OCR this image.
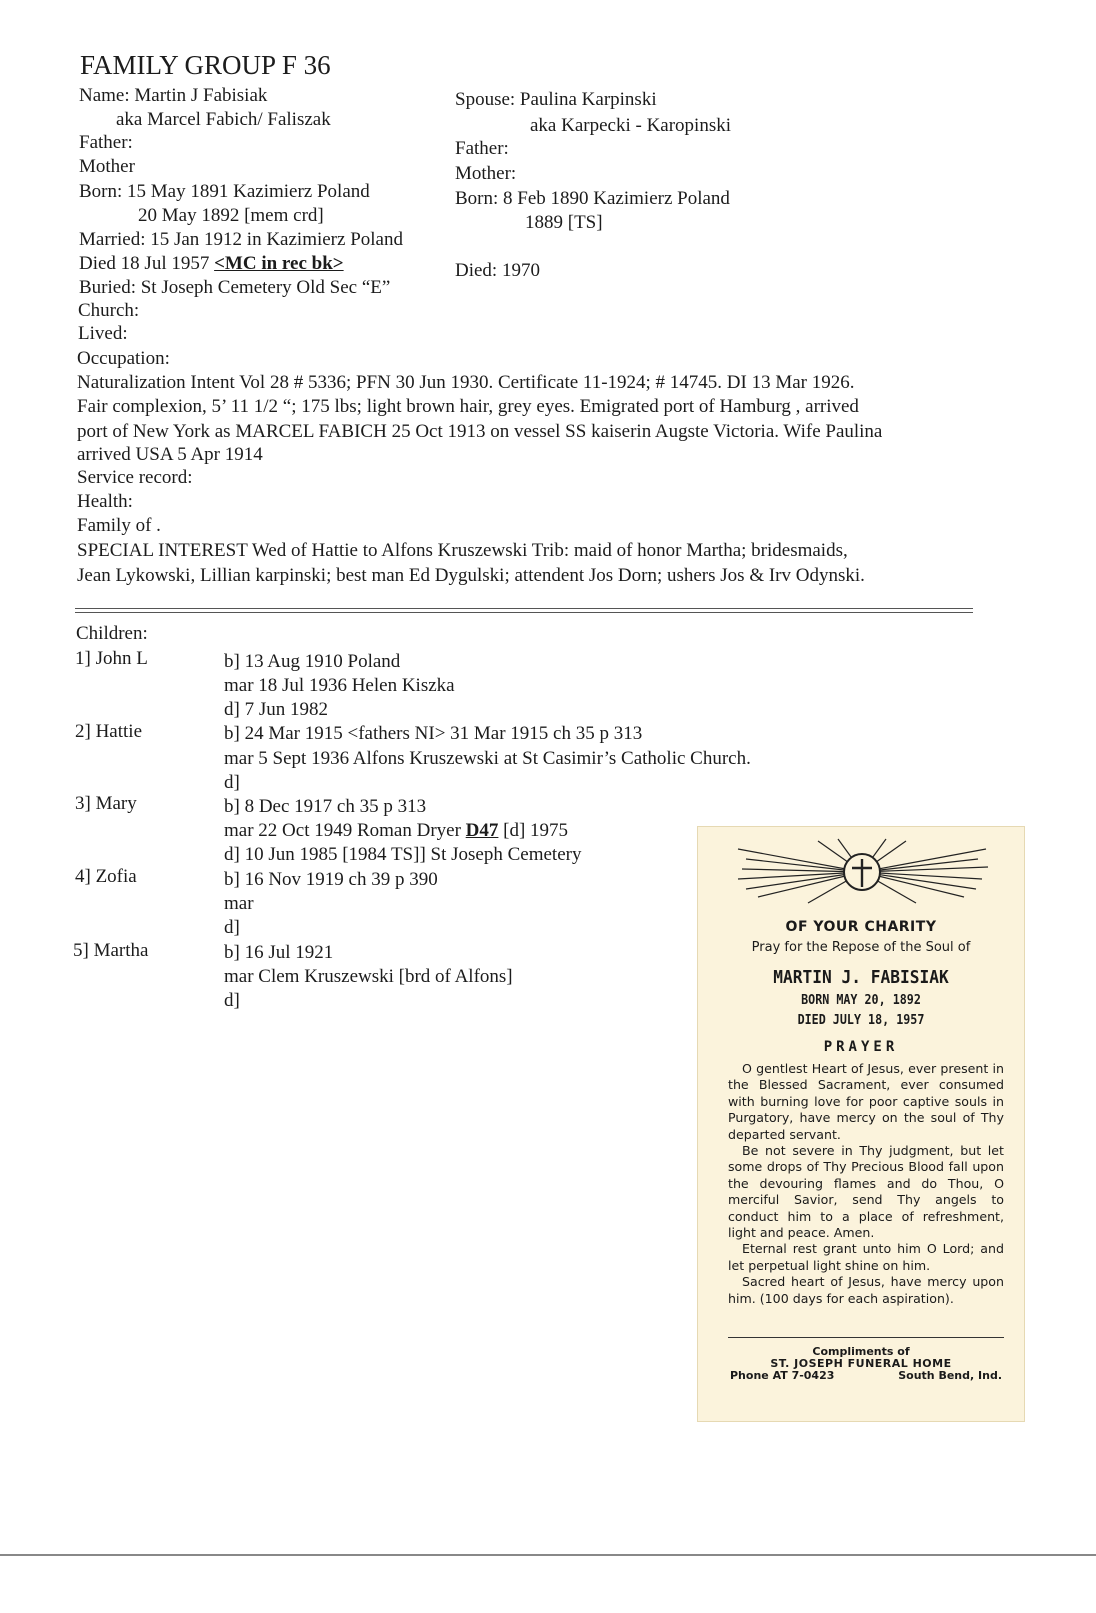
FAMILY GROUP F 36
Name: Martin J Fabisiak
aka Marcel Fabich/ Faliszak
Father:
Mother
Born: 15 May 1891 Kazimierz Poland
20 May 1892 [mem crd]
Married: 15 Jan 1912 in Kazimierz Poland
Died 18 Jul 1957 <MC in rec bk>
Buried: St Joseph Cemetery Old Sec “E”
Church:
Lived:
Occupation:
Spouse: Paulina Karpinski
aka Karpecki - Karopinski
Father:
Mother:
Born: 8 Feb 1890 Kazimierz Poland
1889 [TS]
Died: 1970
Naturalization Intent Vol 28 # 5336; PFN 30 Jun 1930. Certificate 11-1924; # 14745. DI 13 Mar 1926.
Fair complexion, 5’ 11 1/2 “; 175 lbs; light brown hair, grey eyes. Emigrated port of Hamburg , arrived
port of New York as MARCEL FABICH 25 Oct 1913 on vessel SS kaiserin Augste Victoria. Wife Paulina
arrived USA 5 Apr 1914
Service record:
Health:
Family of .
SPECIAL INTEREST Wed of Hattie to Alfons Kruszewski Trib: maid of honor Martha; bridesmaids,
Jean Lykowski, Lillian karpinski; best man Ed Dygulski; attendent Jos Dorn; ushers Jos & Irv Odynski.
Children:
1] John L	b] 13 Aug 1910 Poland
mar 18 Jul 1936 Helen Kiszka
d] 7 Jun 1982
2] Hattie	b] 24 Mar 1915 <fathers NI> 31 Mar 1915 ch 35 p 313
mar 5 Sept 1936 Alfons Kruszewski at St Casimir’s Catholic Church.
d]
3] Mary	b] 8 Dec 1917 ch 35 p 313
mar 22 Oct 1949 Roman Dryer D47 [d] 1975
d] 10 Jun 1985 [1984 TS]] St Joseph Cemetery
4] Zofia	b] 16 Nov 1919 ch 39 p 390
mar
d]
5] Martha	b] 16 Jul 1921
mar Clem Kruszewski [brd of Alfons]
d]
OF YOUR CHARITY
Pray for the Repose of the Soul of
MARTIN J. FABISIAK
BORN MAY 20, 1892
DIED JULY 18, 1957
PRAYER

O gentlest Heart of Jesus, ever present in the Blessed Sacrament, ever consumed with burning love for poor captive souls in Purgatory, have mercy on the soul of Thy departed servant.

Be not severe in Thy judgment, but let some drops of Thy Precious Blood fall upon the devouring flames and do Thou, O merciful Savior, send Thy angels to conduct him to a place of refreshment, light and peace. Amen.

Eternal rest grant unto him O Lord; and let perpetual light shine on him.

Sacred heart of Jesus, have mercy upon him. (100 days for each aspiration).

Compliments of
ST. JOSEPH FUNERAL HOME
Phone AT 7-0423	South Bend, Ind.
